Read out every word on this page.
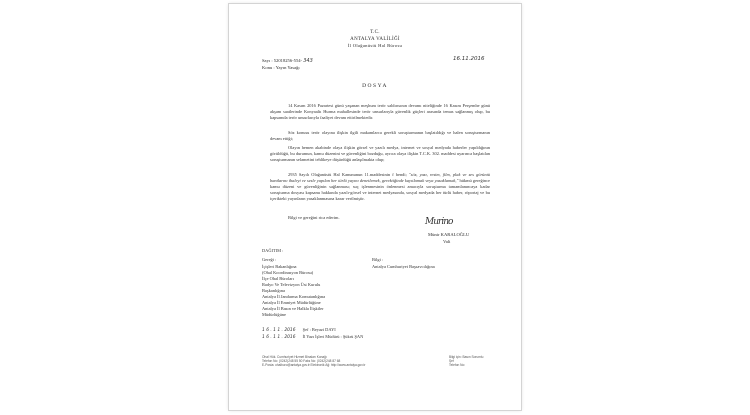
T.C.
ANTALYA VALİLİĞİ
İl Olağanüstü Hal Bürosu
Sayı : 52018256-554- 343	16.11.2016
Konu : Yayın Yasağı
DOSYA
14 Kasım 2016 Pazartesi günü yaşanan meşhum terör saldırısının devamı niteliğinde 16 Kasım Perşembe günü akşam saatlerinde Konyaaltı Hurma mahallesinde terör unsurlarıyla güvenlik güçleri arasında temas sağlanmış olup, bu kapsamda terör unsurlarıyla faaliyet devam ettirilmektedir.
Söz konusu terör olayına ilişkin ilgili makamlarca gerekli soruşturmanın başlatıldığı ve halen soruşturmanın devam ettiği;
Olayın hemen akabinde olaya ilişkin görsel ve yazılı medya, internet ve sosyal medyada haberler yapıldığının görüldüğü, bu durumun, kamu düzenini ve güvenliğini bozduğu, ayrıca olaya ilişkin T.C.K. 302. maddesi uyarınca başlatılan soruşturmanın selametini tehlikeye düşürdüğü anlaşılmakta olup;
2935 Sayılı Olağanüstü Hal Kanununun 11.maddesinin f bendi; "söz, yazı, resim, film, plak ve ses görüntü bantlarını ihaleyi ve sesle yapılan her türlü yayını denetlemek, gerektiğinde kayıtlamak veya yasaklamak," hükmü gereğince kamu düzeni ve güvenliğinin sağlanması; suç işlenmesinin önlenmesi amacıyla soruşturma tamamlanıncaya kadar soruşturma dosyası kapsamı hakkında yazılı-görsel ve internet medyasında, sosyal medyada her türlü haber, röportaj ve bu içerikteki yayınların yasaklanmasına karar verilmiştir.
Bilgi ve gereğini rica ederim.	Murino
Münir KARALOĞLU
Vali
DAĞITIM :
Gereği :
İçişleri Bakanlığına
(Ohal Koordinasyon Bürosu)
İlçe Ohal Büroları
Radyo Ve Televizyon Üst Kurulu
Başkanlığına
Antalya İl Jandarma Komutanlığına
Antalya İl Emniyet Müdürlüğüne
Antalya İl Basın ve Halkla İlişkiler
Müdürlüğüne
Bilgi :
Antalya Cumhuriyet Başsavcılığına
1 6 . 1 1 . 2016 Şef : Beyazi DAYI
1 6 . 1 1 . 2016 İl Yazı İşleri Müdürü : Şükrü ŞAN
Ohal Hük. Cumhuriyet Hizmet Binaları Konağı
Telefon No: (0242)248 55 50 Faks No: (0242)248 87 68
E-Posta: ohalburo@antalya.gov.tr Elektronik Ağ: http://www.antalya.gov.tr
Bilgi için: Basın Sorumlu
Şef
Telefon No:
